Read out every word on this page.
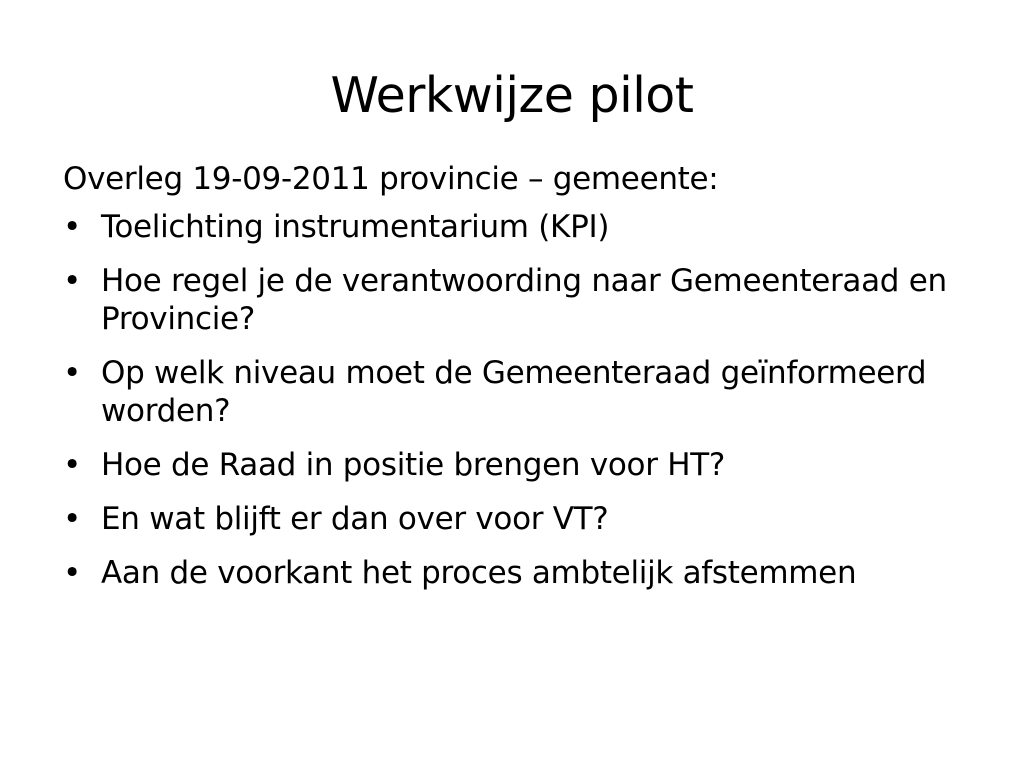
Werkwijze pilot

Overleg 19-09-2011 provincie – gemeente:

• Toelichting instrumentarium (KPI)
• Hoe regel je de verantwoording naar Gemeenteraad en Provincie?
• Op welk niveau moet de Gemeenteraad geïnformeerd worden?
• Hoe de Raad in positie brengen voor HT?
• En wat blijft er dan over voor VT?
• Aan de voorkant het proces ambtelijk afstemmen
